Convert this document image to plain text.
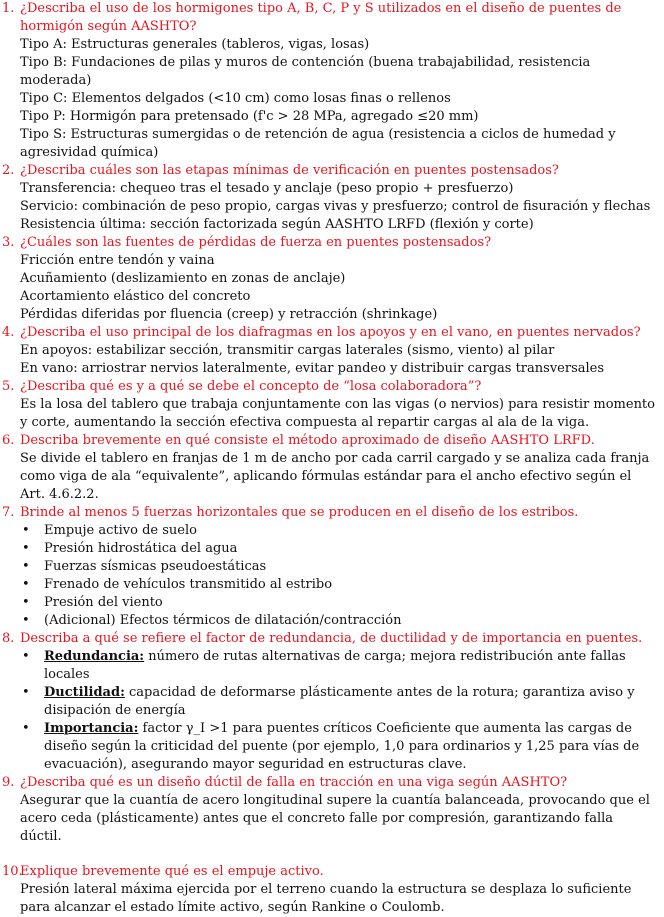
1. ¿Describa el uso de los hormigones tipo A, B, C, P y S utilizados en el diseño de puentes de hormigón según AASHTO?
Tipo A: Estructuras generales (tableros, vigas, losas)
Tipo B: Fundaciones de pilas y muros de contención (buena trabajabilidad, resistencia moderada)
Tipo C: Elementos delgados (<10 cm) como losas finas o rellenos
Tipo P: Hormigón para pretensado (f'c > 28 MPa, agregado ≤20 mm)
Tipo S: Estructuras sumergidas o de retención de agua (resistencia a ciclos de humedad y agresividad química)
2. ¿Describa cuáles son las etapas mínimas de verificación en puentes postensados?
Transferencia: chequeo tras el tesado y anclaje (peso propio + presfuerzo)
Servicio: combinación de peso propio, cargas vivas y presfuerzo; control de fisuración y flechas
Resistencia última: sección factorizada según AASHTO LRFD (flexión y corte)
3. ¿Cuáles son las fuentes de pérdidas de fuerza en puentes postensados?
Fricción entre tendón y vaina
Acuñamiento (deslizamiento en zonas de anclaje)
Acortamiento elástico del concreto
Pérdidas diferidas por fluencia (creep) y retracción (shrinkage)
4. ¿Describa el uso principal de los diafragmas en los apoyos y en el vano, en puentes nervados?
En apoyos: estabilizar sección, transmitir cargas laterales (sismo, viento) al pilar
En vano: arriostrar nervios lateralmente, evitar pandeo y distribuir cargas transversales
5. ¿Describa qué es y a qué se debe el concepto de “losa colaboradora”?
Es la losa del tablero que trabaja conjuntamente con las vigas (o nervios) para resistir momento y corte, aumentando la sección efectiva compuesta al repartir cargas al ala de la viga.
6. Describa brevemente en qué consiste el método aproximado de diseño AASHTO LRFD.
Se divide el tablero en franjas de 1 m de ancho por cada carril cargado y se analiza cada franja como viga de ala “equivalente”, aplicando fórmulas estándar para el ancho efectivo según el Art. 4.6.2.2.
7. Brinde al menos 5 fuerzas horizontales que se producen en el diseño de los estribos.
• Empuje activo de suelo
• Presión hidrostática del agua
• Fuerzas sísmicas pseudoestáticas
• Frenado de vehículos transmitido al estribo
• Presión del viento
• (Adicional) Efectos térmicos de dilatación/contracción
8. Describa a qué se refiere el factor de redundancia, de ductilidad y de importancia en puentes.
• Redundancia: número de rutas alternativas de carga; mejora redistribución ante fallas locales
• Ductilidad: capacidad de deformarse plásticamente antes de la rotura; garantiza aviso y disipación de energía
• Importancia: factor γ_I >1 para puentes críticos Coeficiente que aumenta las cargas de diseño según la criticidad del puente (por ejemplo, 1,0 para ordinarios y 1,25 para vías de evacuación), asegurando mayor seguridad en estructuras clave.
9. ¿Describa qué es un diseño dúctil de falla en tracción en una viga según AASHTO?
Asegurar que la cuantía de acero longitudinal supere la cuantía balanceada, provocando que el acero ceda (plásticamente) antes que el concreto falle por compresión, garantizando falla dúctil.
10.
Explique brevemente qué es el empuje activo.
Presión lateral máxima ejercida por el terreno cuando la estructura se desplaza lo suficiente para alcanzar el estado límite activo, según Rankine o Coulomb.
